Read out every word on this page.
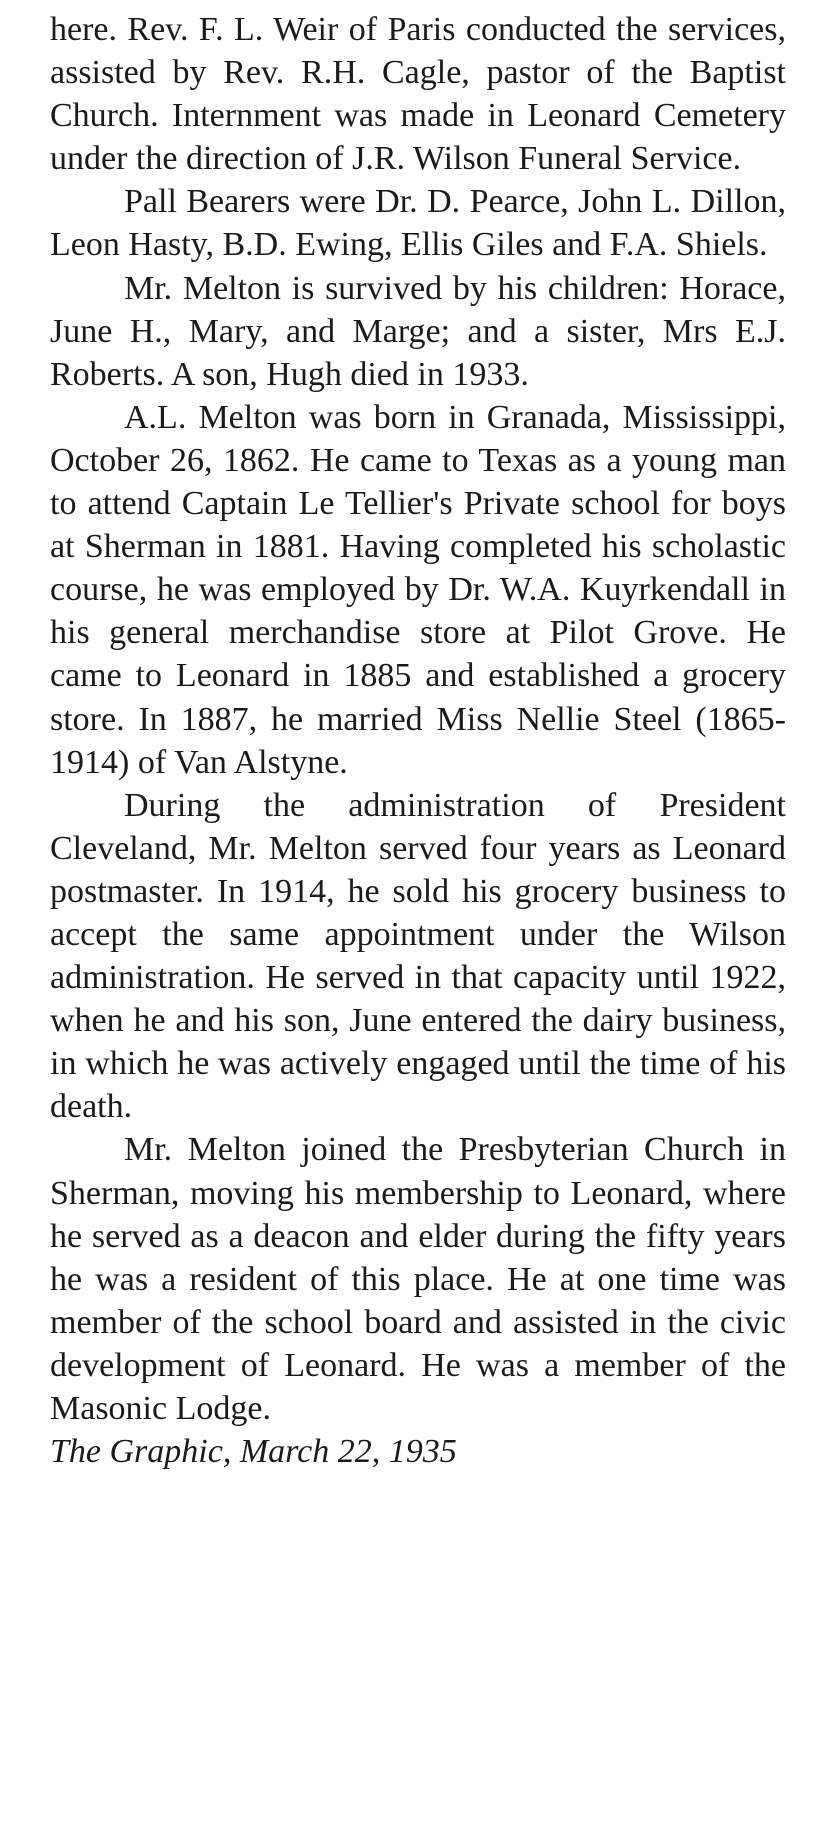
here. Rev. F. L. Weir of Paris conducted the services, assisted by Rev. R.H. Cagle, pastor of the Baptist Church. Internment was made in Leonard Cemetery under the direction of J.R. Wilson Funeral Service.

Pall Bearers were Dr. D. Pearce, John L. Dillon, Leon Hasty, B.D. Ewing, Ellis Giles and F.A. Shiels.

Mr. Melton is survived by his children: Horace, June H., Mary, and Marge; and a sister, Mrs E.J. Roberts. A son, Hugh died in 1933.

A.L. Melton was born in Granada, Mississippi, October 26, 1862. He came to Texas as a young man to attend Captain Le Tellier's Private school for boys at Sherman in 1881. Having completed his scholastic course, he was employed by Dr. W.A. Kuyrkendall in his general merchandise store at Pilot Grove. He came to Leonard in 1885 and established a grocery store. In 1887, he married Miss Nellie Steel (1865-1914) of Van Alstyne.

During the administration of President Cleveland, Mr. Melton served four years as Leonard postmaster. In 1914, he sold his grocery business to accept the same appointment under the Wilson administration. He served in that capacity until 1922, when he and his son, June entered the dairy business, in which he was actively engaged until the time of his death.

Mr. Melton joined the Presbyterian Church in Sherman, moving his membership to Leonard, where he served as a deacon and elder during the fifty years he was a resident of this place. He at one time was member of the school board and assisted in the civic development of Leonard. He was a member of the Masonic Lodge.

The Graphic, March 22, 1935
